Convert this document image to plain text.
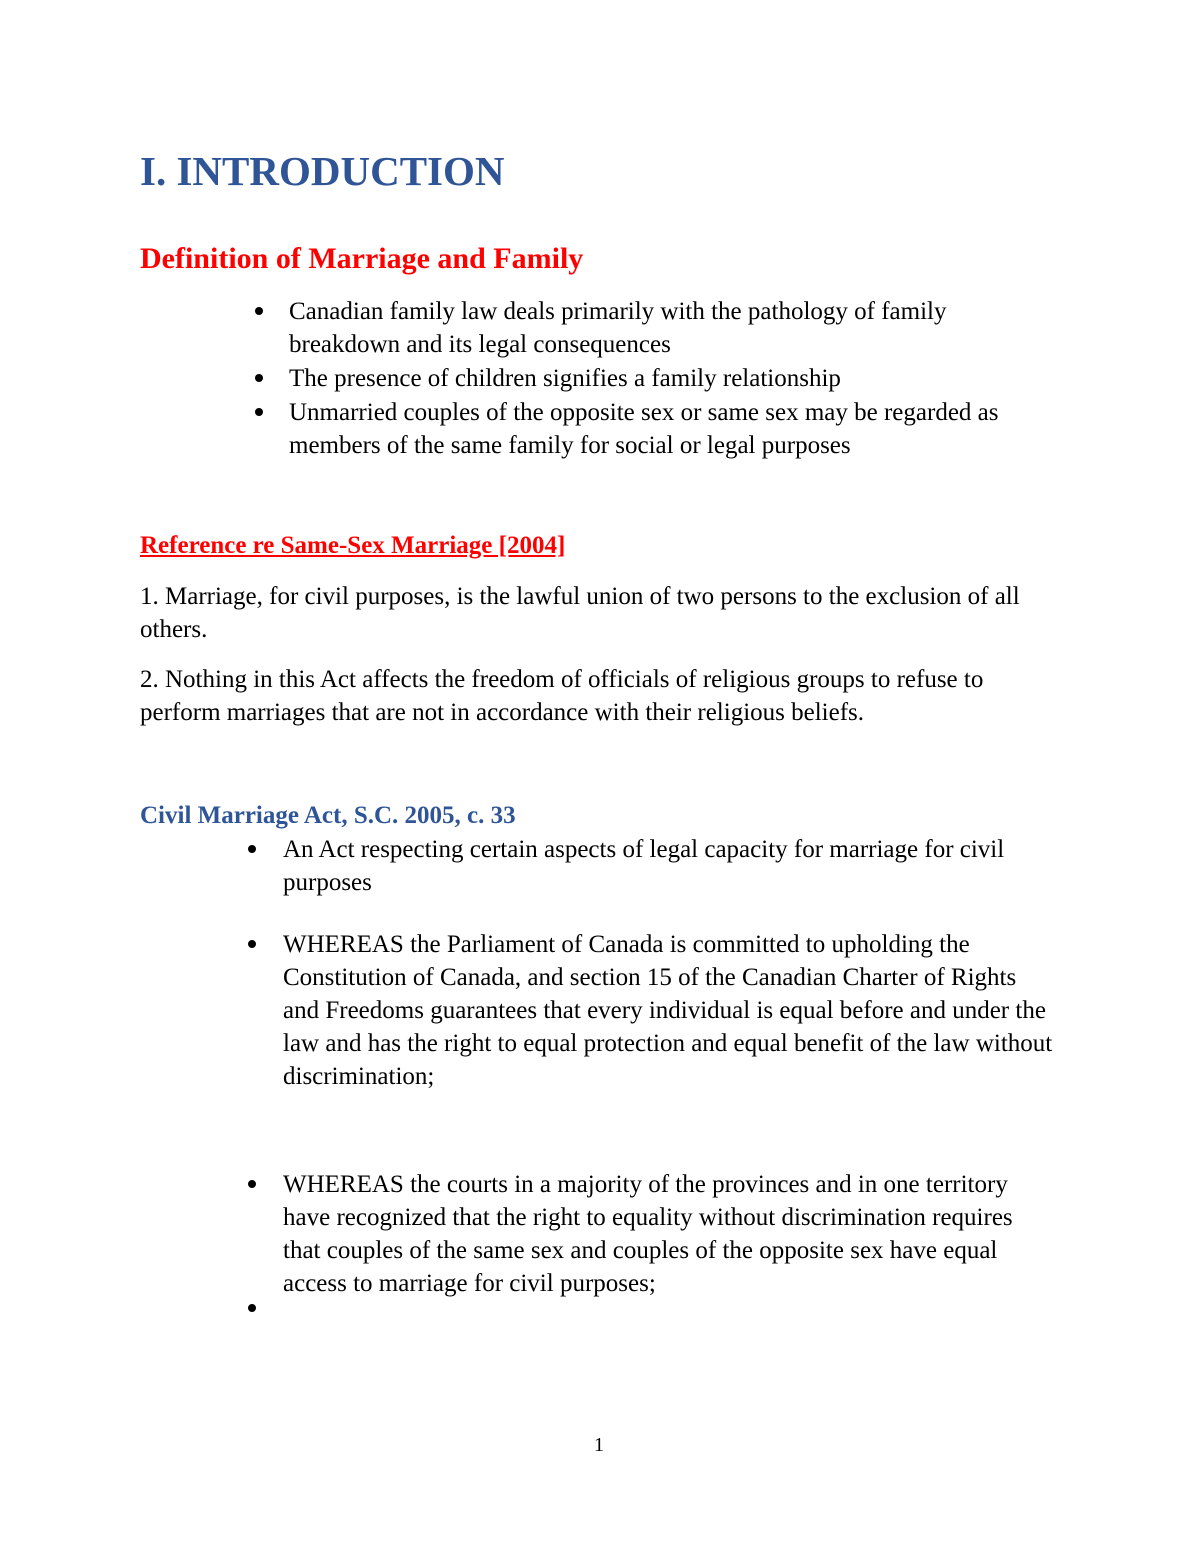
I. INTRODUCTION
Definition of Marriage and Family

Canadian family law deals primarily with the pathology of family breakdown and its legal consequences

The presence of children signifies a family relationship

Unmarried couples of the opposite sex or same sex may be regarded as members of the same family for social or legal purposes

Reference re Same-Sex Marriage [2004]

1. Marriage, for civil purposes, is the lawful union of two persons to the exclusion of all others.

2. Nothing in this Act affects the freedom of officials of religious groups to refuse to perform marriages that are not in accordance with their religious beliefs.

Civil Marriage Act, S.C. 2005, c. 33

An Act respecting certain aspects of legal capacity for marriage for civil purposes

WHEREAS the Parliament of Canada is committed to upholding the Constitution of Canada, and section 15 of the Canadian Charter of Rights and Freedoms guarantees that every individual is equal before and under the law and has the right to equal protection and equal benefit of the law without discrimination;

WHEREAS the courts in a majority of the provinces and in one territory have recognized that the right to equality without discrimination requires that couples of the same sex and couples of the opposite sex have equal access to marriage for civil purposes;

1
